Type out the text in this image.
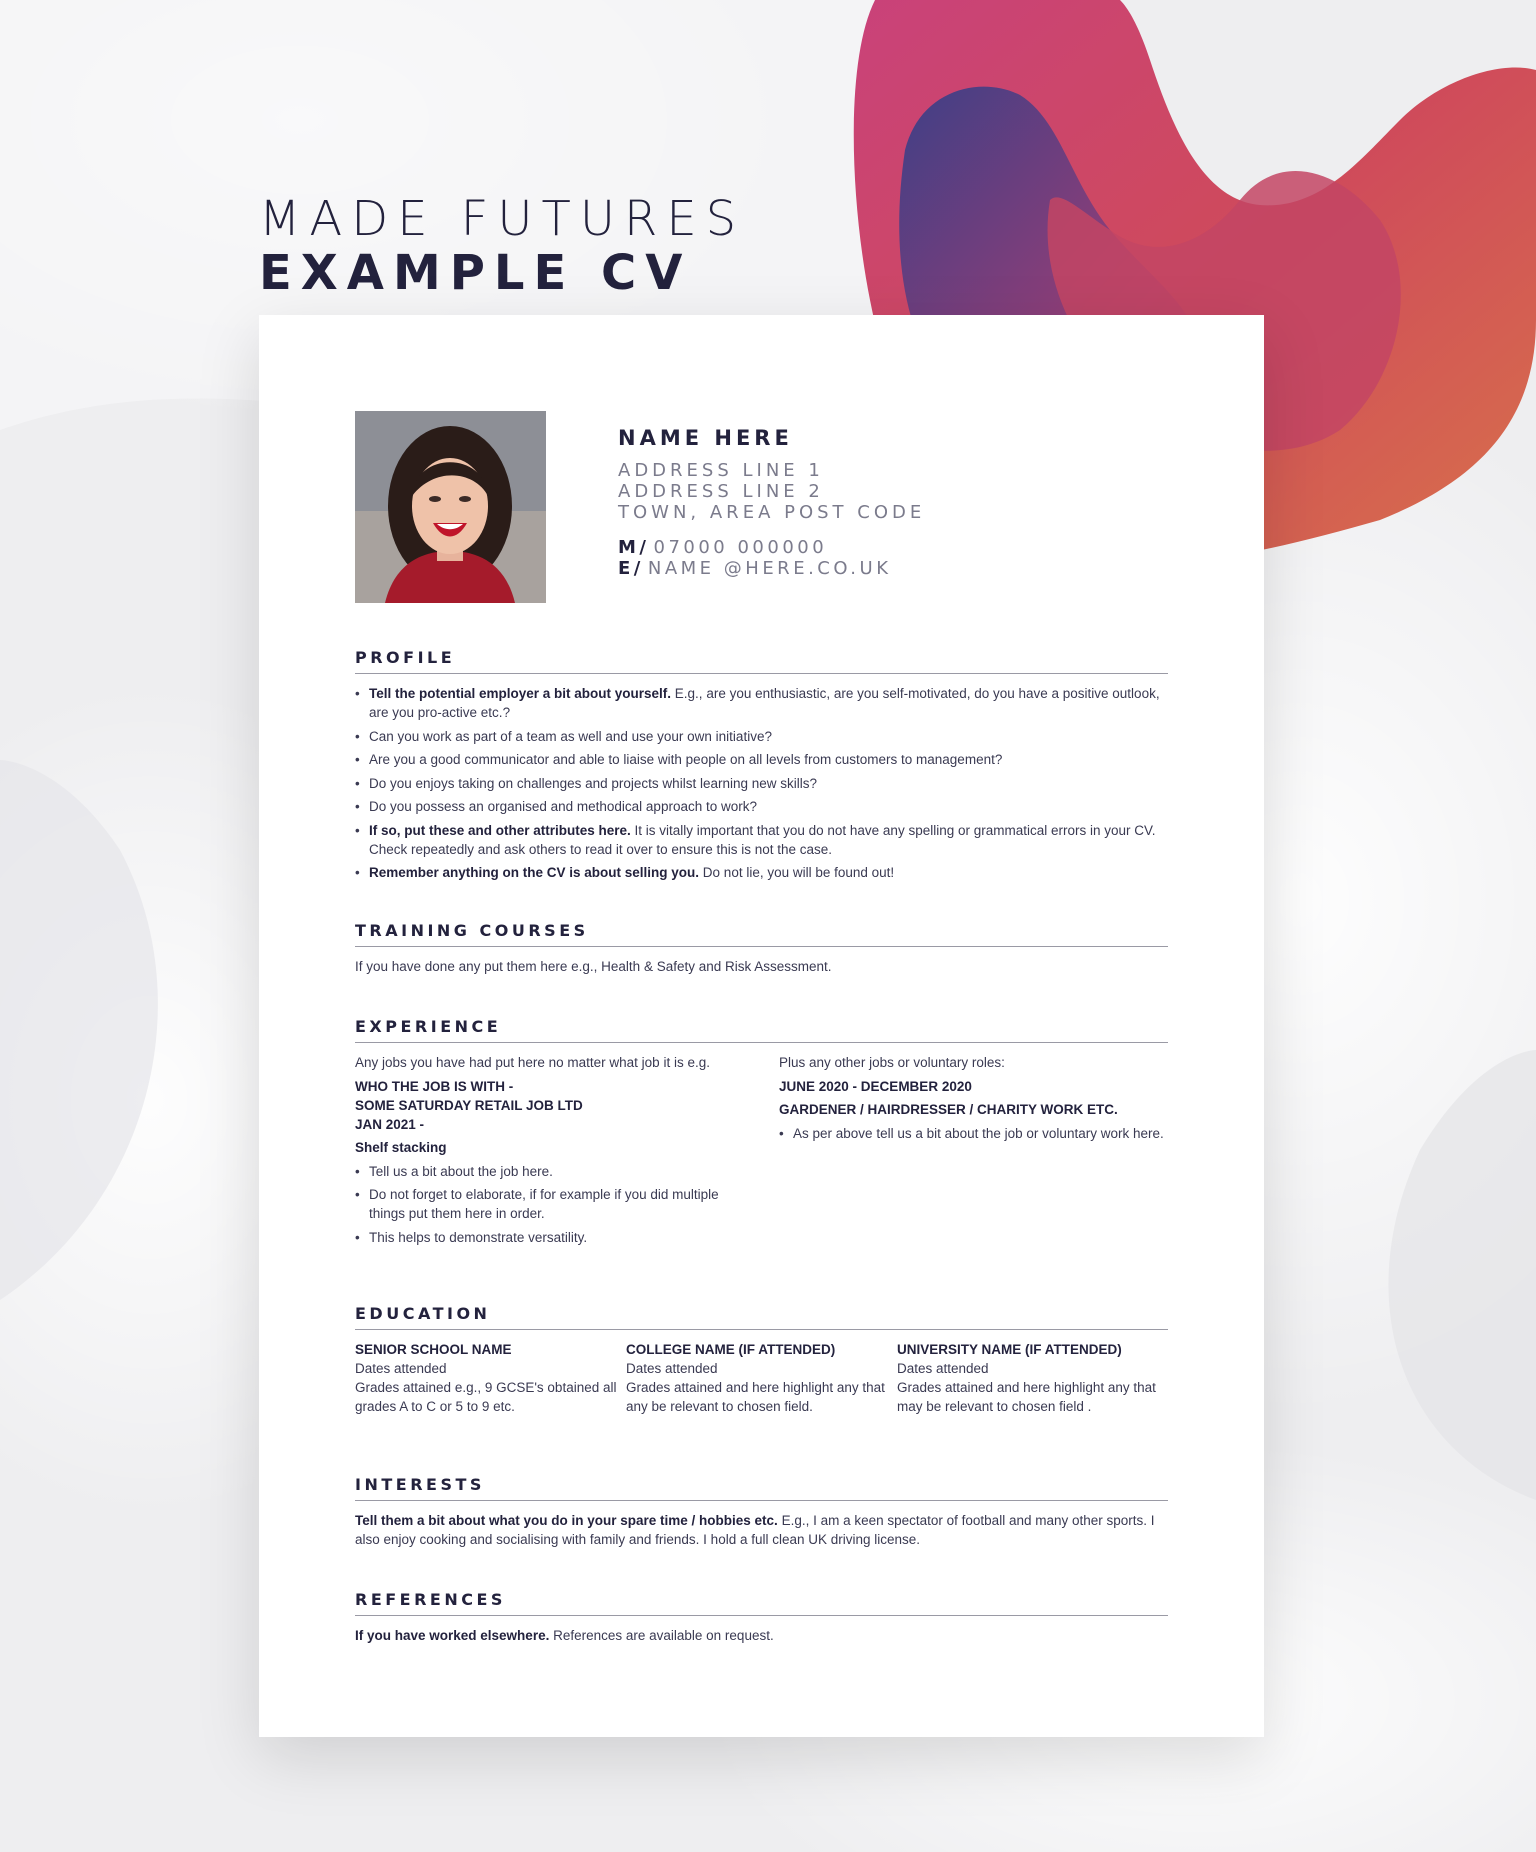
MADE FUTURES
EXAMPLE CV
NAME HERE
ADDRESS LINE 1
ADDRESS LINE 2
TOWN, AREA POST CODE
M/ 07000 000000
E/ NAME @HERE.CO.UK
PROFILE
• Tell the potential employer a bit about yourself. E.g., are you enthusiastic, are you self-motivated, do you have a positive outlook, are you pro-active etc.?
• Can you work as part of a team as well and use your own initiative?
• Are you a good communicator and able to liaise with people on all levels from customers to management?
• Do you enjoys taking on challenges and projects whilst learning new skills?
• Do you possess an organised and methodical approach to work?
• If so, put these and other attributes here. It is vitally important that you do not have any spelling or grammatical errors in your CV. Check repeatedly and ask others to read it over to ensure this is not the case.
• Remember anything on the CV is about selling you. Do not lie, you will be found out!
TRAINING COURSES
If you have done any put them here e.g., Health & Safety and Risk Assessment.
EXPERIENCE
Any jobs you have had put here no matter what job it is e.g.
WHO THE JOB IS WITH -
SOME SATURDAY RETAIL JOB LTD
JAN 2021 -
Shelf stacking
• Tell us a bit about the job here.
• Do not forget to elaborate, if for example if you did multiple things put them here in order.
• This helps to demonstrate versatility.
Plus any other jobs or voluntary roles:
JUNE 2020 - DECEMBER 2020
GARDENER / HAIRDRESSER / CHARITY WORK ETC.
• As per above tell us a bit about the job or voluntary work here.
EDUCATION
SENIOR SCHOOL NAME
Dates attended
Grades attained e.g., 9 GCSE's obtained all grades A to C or 5 to 9 etc.
COLLEGE NAME (IF ATTENDED)
Dates attended
Grades attained and here highlight any that any be relevant to chosen field.
UNIVERSITY NAME (IF ATTENDED)
Dates attended
Grades attained and here highlight any that may be relevant to chosen field .
INTERESTS
Tell them a bit about what you do in your spare time / hobbies etc. E.g., I am a keen spectator of football and many other sports. I also enjoy cooking and socialising with family and friends. I hold a full clean UK driving license.
REFERENCES
If you have worked elsewhere. References are available on request.
